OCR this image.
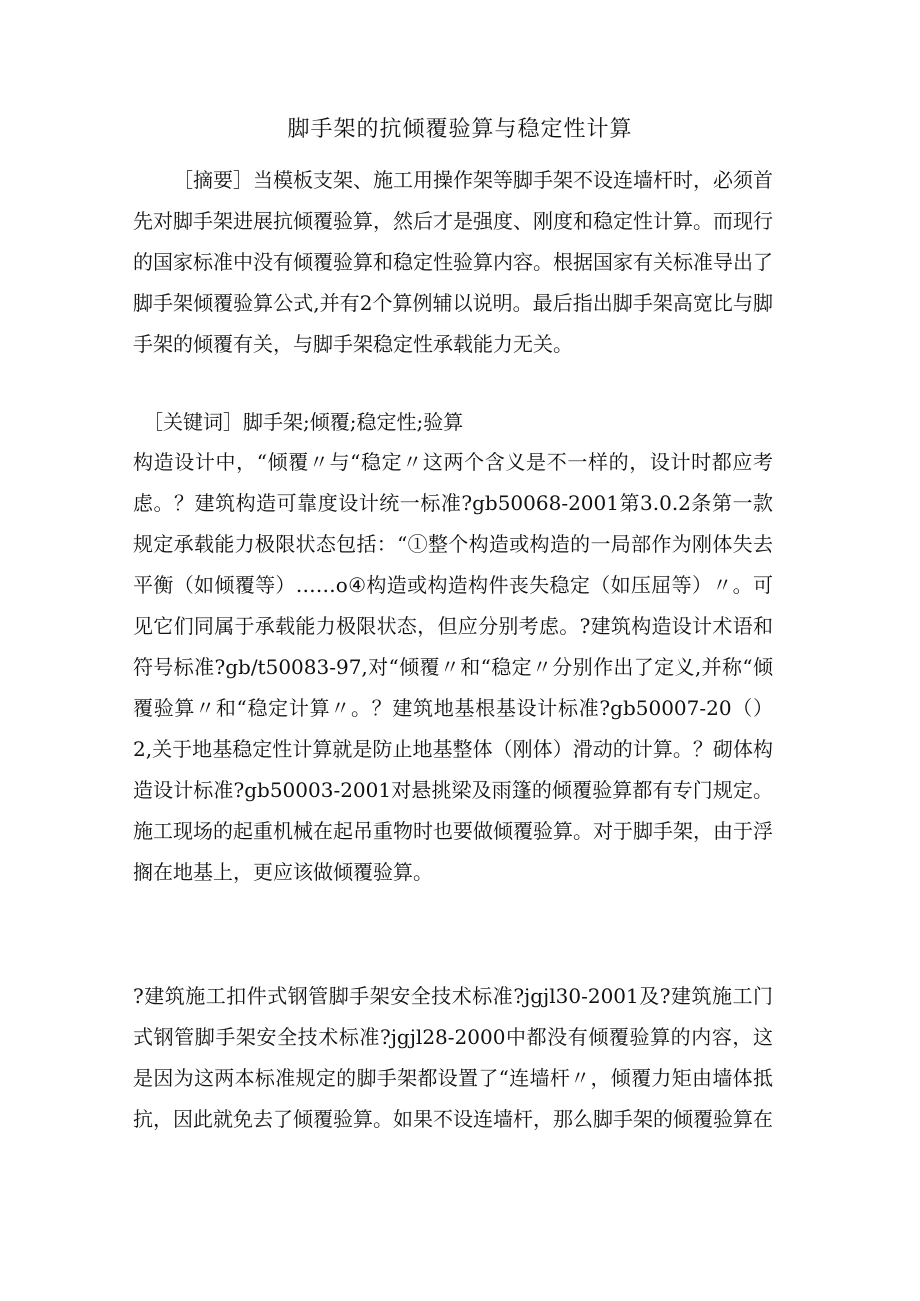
脚手架的抗倾覆验算与稳定性计算

［摘要］当模板支架、施工用操作架等脚手架不设连墙杆时，必须首先对脚手架进展抗倾覆验算，然后才是强度、刚度和稳定性计算。而现行的国家标准中没有倾覆验算和稳定性验算内容。根据国家有关标准导出了脚手架倾覆验算公式,并有2个算例辅以说明。最后指出脚手架高宽比与脚手架的倾覆有关，与脚手架稳定性承载能力无关。

［关键词］脚手架;倾覆;稳定性;验算

构造设计中，“倾覆〃与“稳定〃这两个含义是不一样的，设计时都应考虑。？建筑构造可靠度设计统一标准?gb50068-2001第3.0.2条第一款规定承载能力极限状态包括：“①整个构造或构造的一局部作为刚体失去平衡（如倾覆等）……o④构造或构造构件丧失稳定（如压屈等）〃。可见它们同属于承载能力极限状态，但应分别考虑。?建筑构造设计术语和符号标准?gb/t50083-97,对“倾覆〃和“稳定〃分别作出了定义,并称“倾覆验算〃和“稳定计算〃。？建筑地基根基设计标准?gb50007-20（）2,关于地基稳定性计算就是防止地基整体（刚体）滑动的计算。？砌体构造设计标准?gb50003-2001对悬挑梁及雨篷的倾覆验算都有专门规定。施工现场的起重机械在起吊重物时也要做倾覆验算。对于脚手架，由于浮搁在地基上，更应该做倾覆验算。

?建筑施工扣件式钢管脚手架安全技术标准?jgjl30-2001及?建筑施工门式钢管脚手架安全技术标准?jgjl28-2000中都没有倾覆验算的内容，这是因为这两本标准规定的脚手架都设置了“连墙杆〃，倾覆力矩由墙体抵抗，因此就免去了倾覆验算。如果不设连墙杆，那么脚手架的倾覆验算在
